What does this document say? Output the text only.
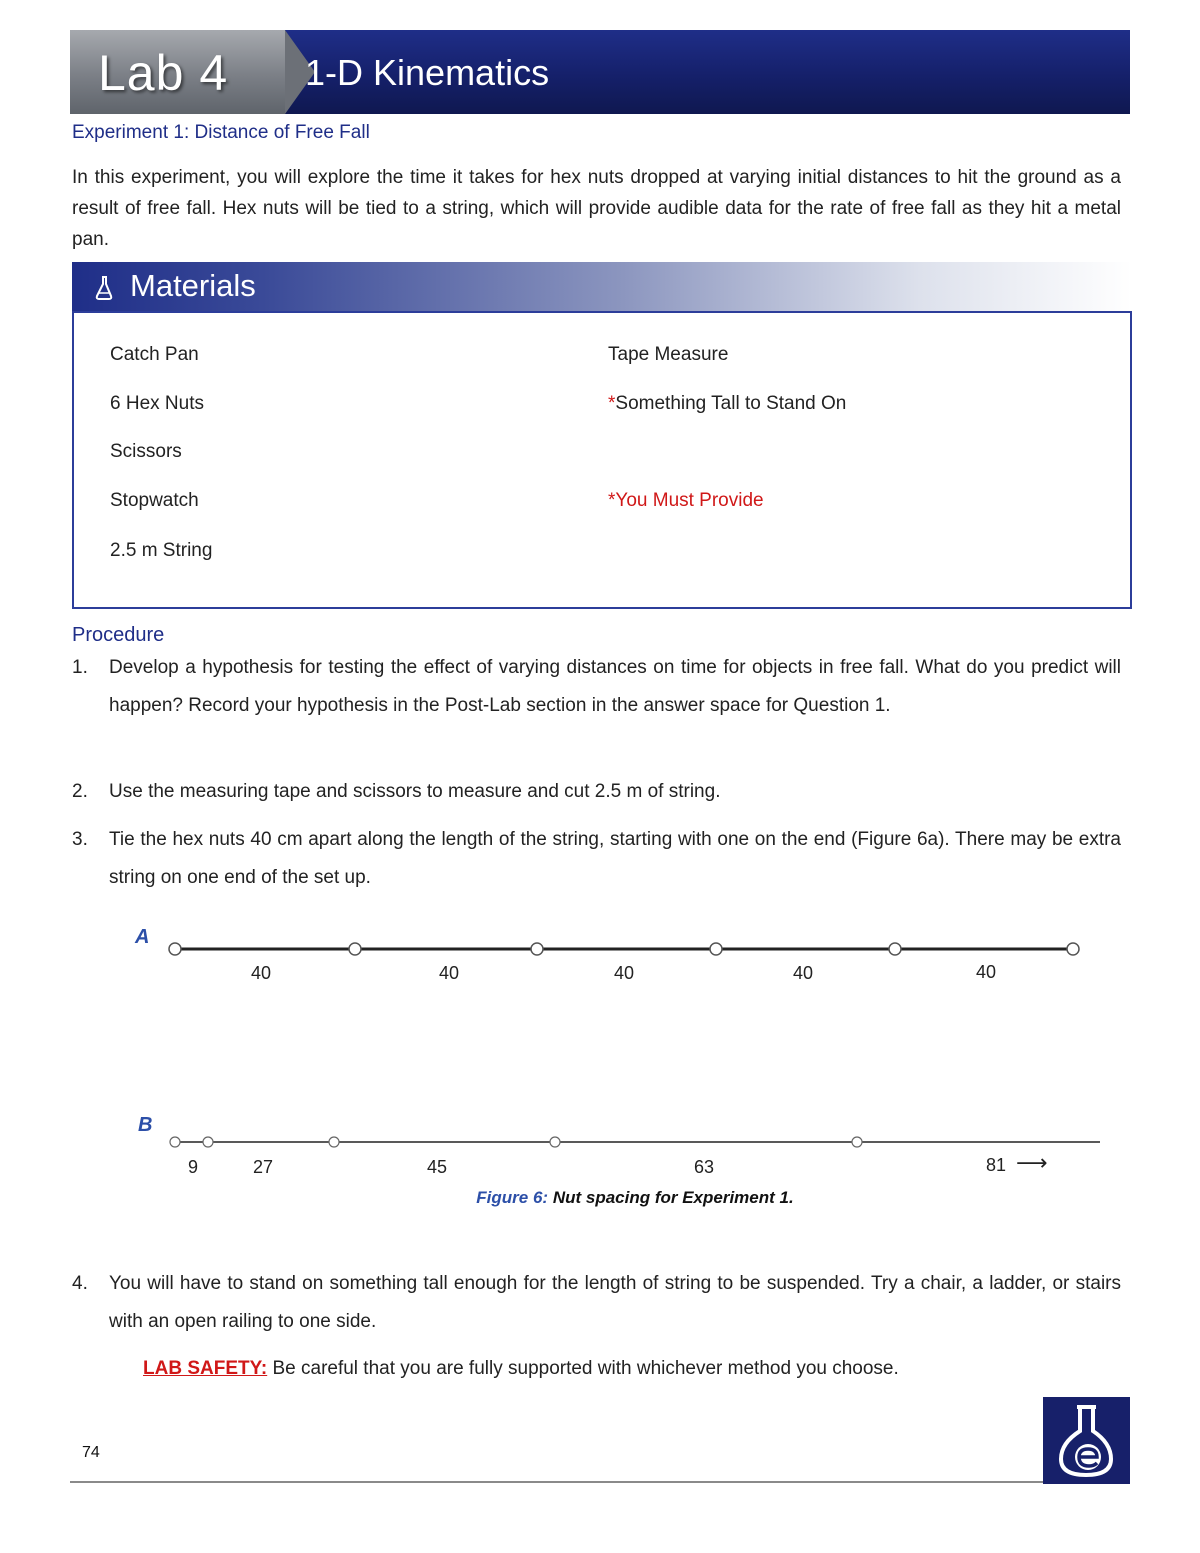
Lab 4 1-D Kinematics
Experiment 1: Distance of Free Fall
In this experiment, you will explore the time it takes for hex nuts dropped at varying initial distances to hit the ground as a result of free fall. Hex nuts will be tied to a string, which will provide audible data for the rate of free fall as they hit a metal pan.
Materials
Catch Pan
6 Hex Nuts
Scissors
Stopwatch
2.5 m String
Tape Measure
*Something Tall to Stand On
*You Must Provide
Procedure
1. Develop a hypothesis for testing the effect of varying distances on time for objects in free fall. What do you predict will happen? Record your hypothesis in the Post-Lab section in the answer space for Question 1.
2. Use the measuring tape and scissors to measure and cut 2.5 m of string.
3. Tie the hex nuts 40 cm apart along the length of the string, starting with one on the end (Figure 6a). There may be extra string on one end of the set up.
A
40	40	40	40	40
B
9	27	45	63	81 ⟶
Figure 6: Nut spacing for Experiment 1.
4. You will have to stand on something tall enough for the length of string to be suspended. Try a chair, a ladder, or stairs with an open railing to one side.
LAB SAFETY: Be careful that you are fully supported with whichever method you choose.
74
